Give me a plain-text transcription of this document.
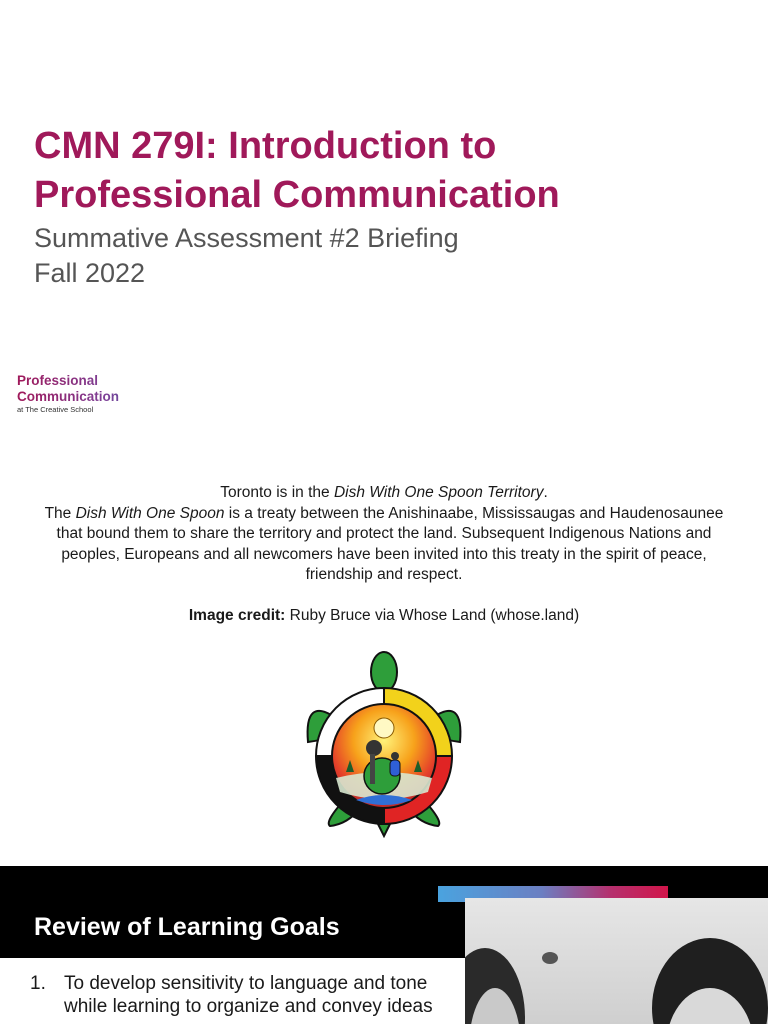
CMN 279I: Introduction to
Professional Communication
Summative Assessment #2 Briefing
Fall 2022
Professional
Communication
at The Creative School

Toronto is in the Dish With One Spoon Territory.

The Dish With One Spoon is a treaty between the Anishinaabe, Mississaugas and Haudenosaunee that bound them to share the territory and protect the land. Subsequent Indigenous Nations and peoples, Europeans and all newcomers have been invited into this treaty in the spirit of peace, friendship and respect.

Image credit: Ruby Bruce via Whose Land (whose.land)

Review of Learning Goals
1. To develop sensitivity to language and tone while learning to organize and convey ideas
